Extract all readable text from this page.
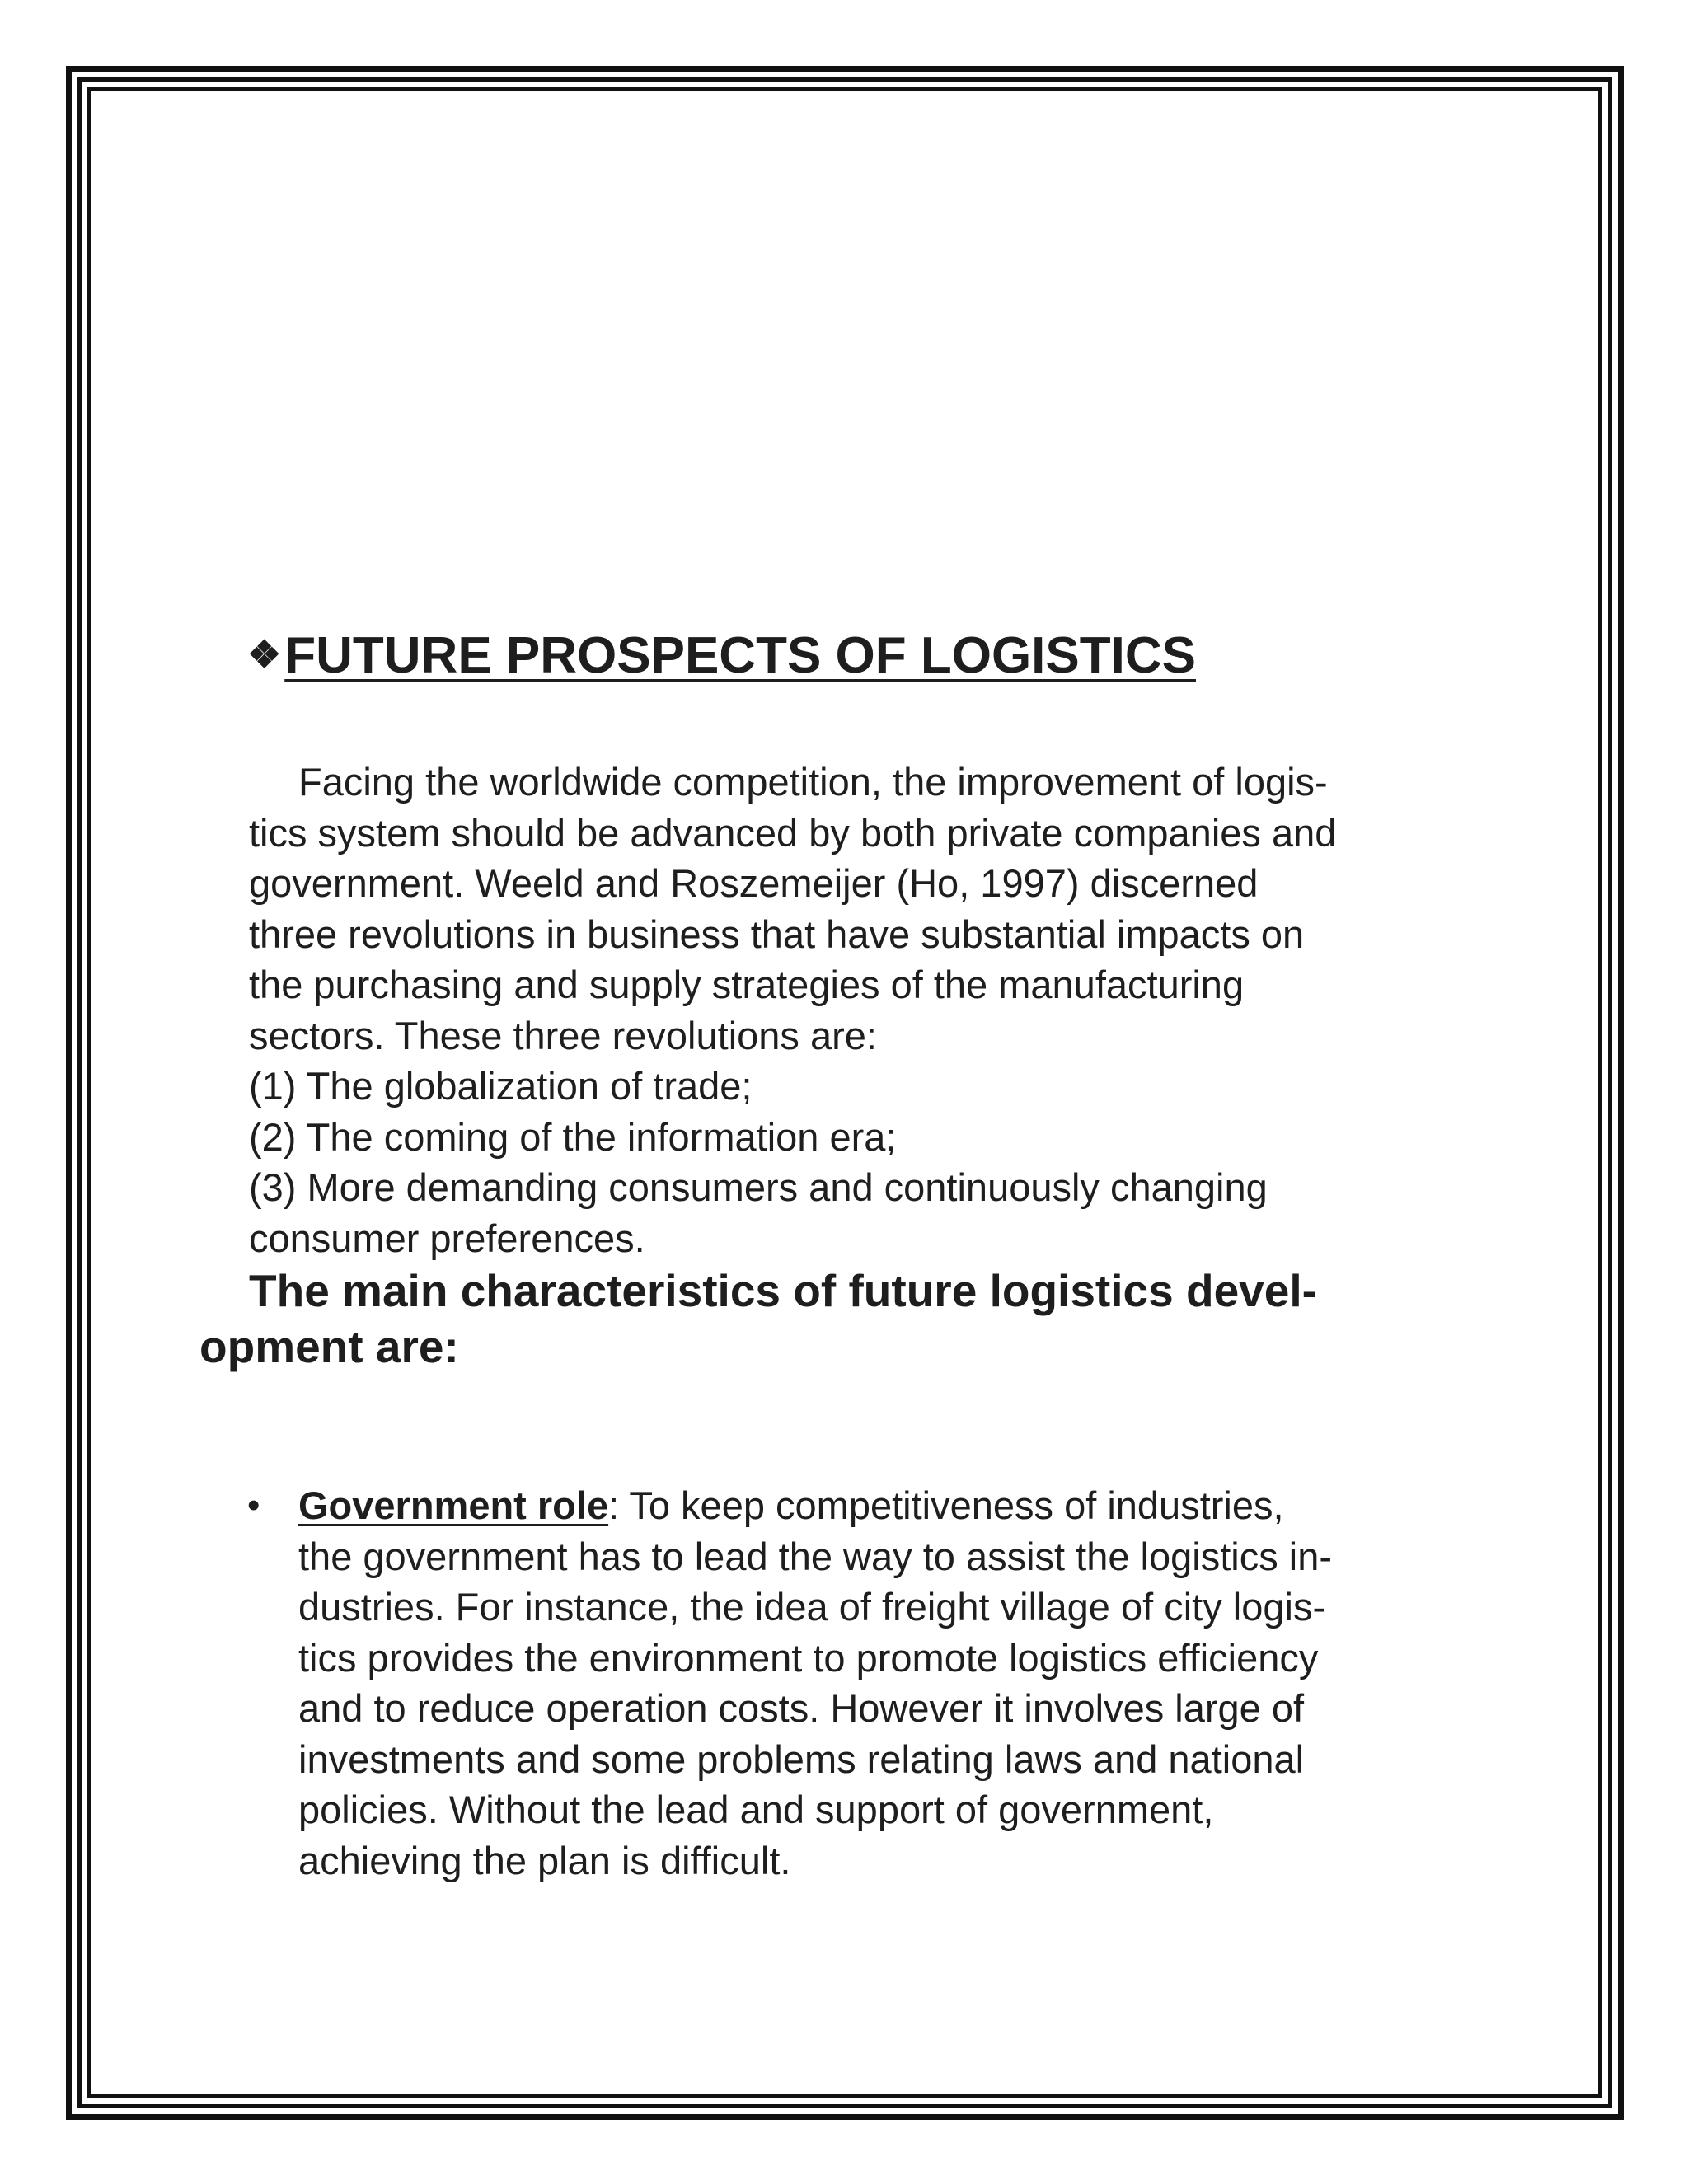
❖FUTURE PROSPECTS OF LOGISTICS
Facing the worldwide competition, the improvement of logis-
tics system should be advanced by both private companies and
government. Weeld and Roszemeijer (Ho, 1997) discerned
three revolutions in business that have substantial impacts on
the purchasing and supply strategies of the manufacturing
sectors. These three revolutions are:
(1) The globalization of trade;
(2) The coming of the information era;
(3) More demanding consumers and continuously changing
consumer preferences.
The main characteristics of future logistics devel-
opment are:
• Government role: To keep competitiveness of industries,
the government has to lead the way to assist the logistics in-
dustries. For instance, the idea of freight village of city logis-
tics provides the environment to promote logistics efficiency
and to reduce operation costs. However it involves large of
investments and some problems relating laws and national
policies. Without the lead and support of government,
achieving the plan is difficult.
